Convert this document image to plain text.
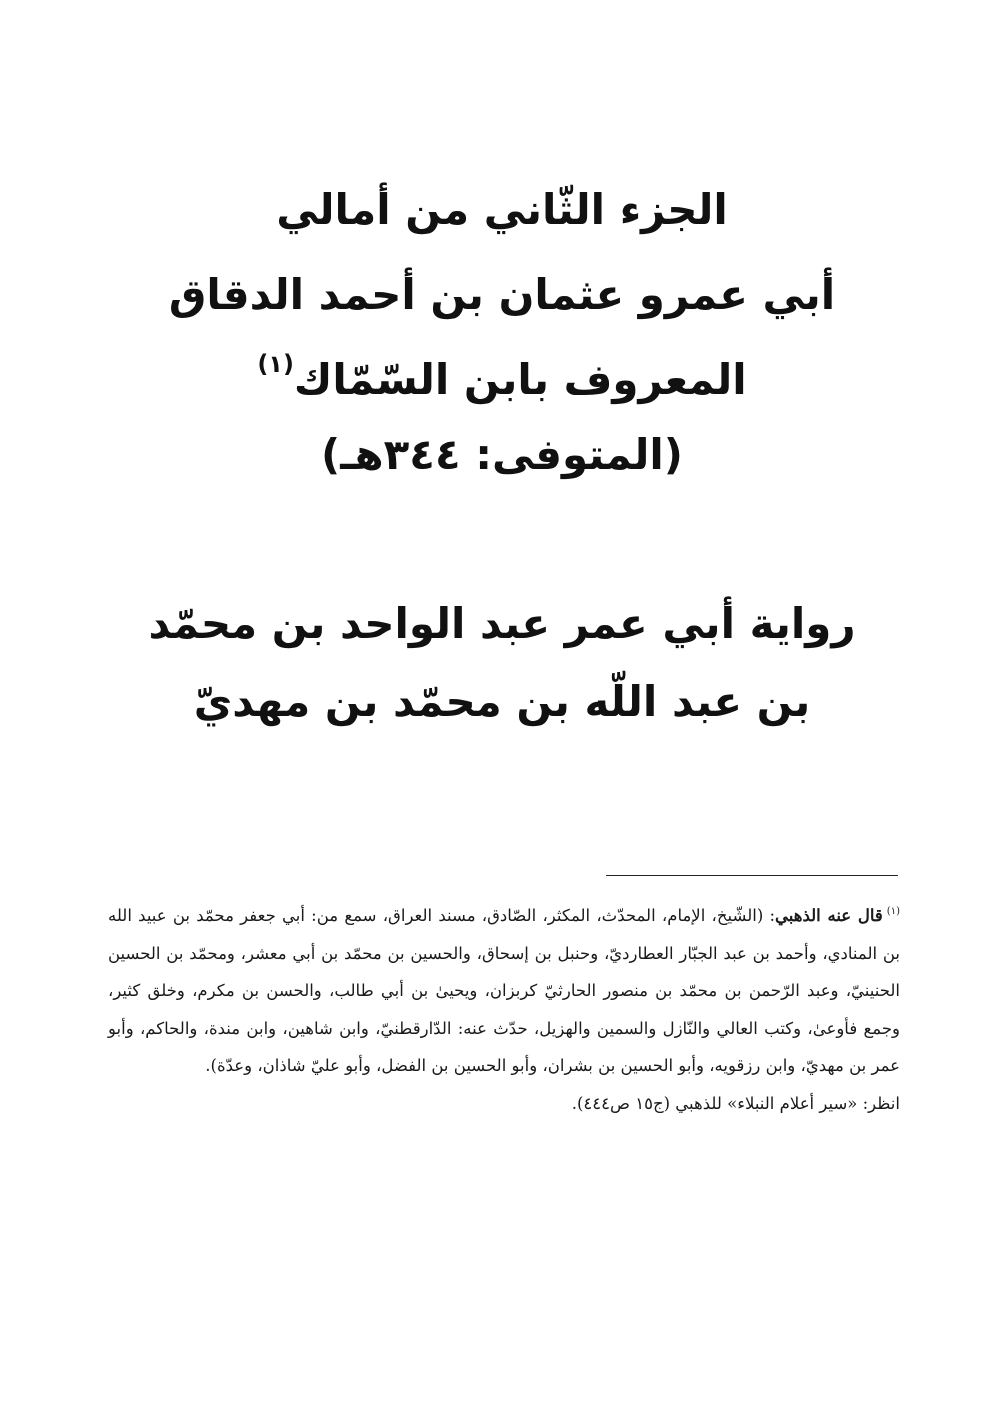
الجزء الثّاني من أمالي
أبي عمرو عثمان بن أحمد الدقاق
المعروف بابن السّمّاك$^{(١)}$
(المتوفى: ٣٤٤هـ)
رواية أبي عمر عبد الواحد بن محمّد
بن عبد اللّه بن محمّد بن مهديّ

$^{(١)}$قال عنه الذهبي: (الشّيخ، الإمام، المحدّث، المكثر، الصّادق، مسند العراق، سمع من: أبي جعفر محمّد بن عبيد الله بن المنادي، وأحمد بن عبد الجبّار العطارديّ، وحنبل بن إسحاق، والحسين بن محمّد بن أبي معشر، ومحمّد بن الحسين الحنينيّ، وعبد الرّحمن بن محمّد بن منصور الحارثيّ كربزان، ويحيىٰ بن أبي طالب، والحسن بن مكرم، وخلق كثير، وجمع فأوعىٰ، وكتب العالي والنّازل والسمين والهزيل، حدّث عنه: الدّارقطنيّ، وابن شاهين، وابن مندة، والحاكم، وأبو عمر بن مهديّ، وابن رزقويه، وأبو الحسين بن بشران، وأبو الحسين بن الفضل، وأبو عليّ شاذان، وعدّة).

انظر: «سير أعلام النبلاء» للذهبي (ج١٥ ص٤٤٤).
